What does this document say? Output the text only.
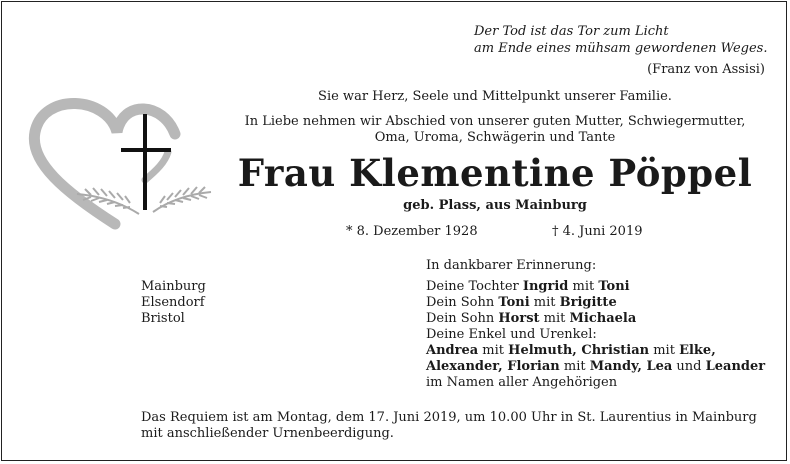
Der Tod ist das Tor zum Licht
am Ende eines mühsam gewordenen Weges.
(Franz von Assisi)
Sie war Herz, Seele und Mittelpunkt unserer Familie.
In Liebe nehmen wir Abschied von unserer guten Mutter, Schwiegermutter,
Oma, Uroma, Schwägerin und Tante
Frau Klementine Pöppel
geb. Plass, aus Mainburg
* 8. Dezember 1928	† 4. Juni 2019
In dankbarer Erinnerung:
Mainburg
Elsendorf
Bristol
Deine Tochter Ingrid mit Toni
Dein Sohn Toni mit Brigitte
Dein Sohn Horst mit Michaela
Deine Enkel und Urenkel:
Andrea mit Helmuth, Christian mit Elke,
Alexander, Florian mit Mandy, Lea und Leander
im Namen aller Angehörigen
Das Requiem ist am Montag, dem 17. Juni 2019, um 10.00 Uhr in St. Laurentius in Mainburg
mit anschließender Urnenbeerdigung.
